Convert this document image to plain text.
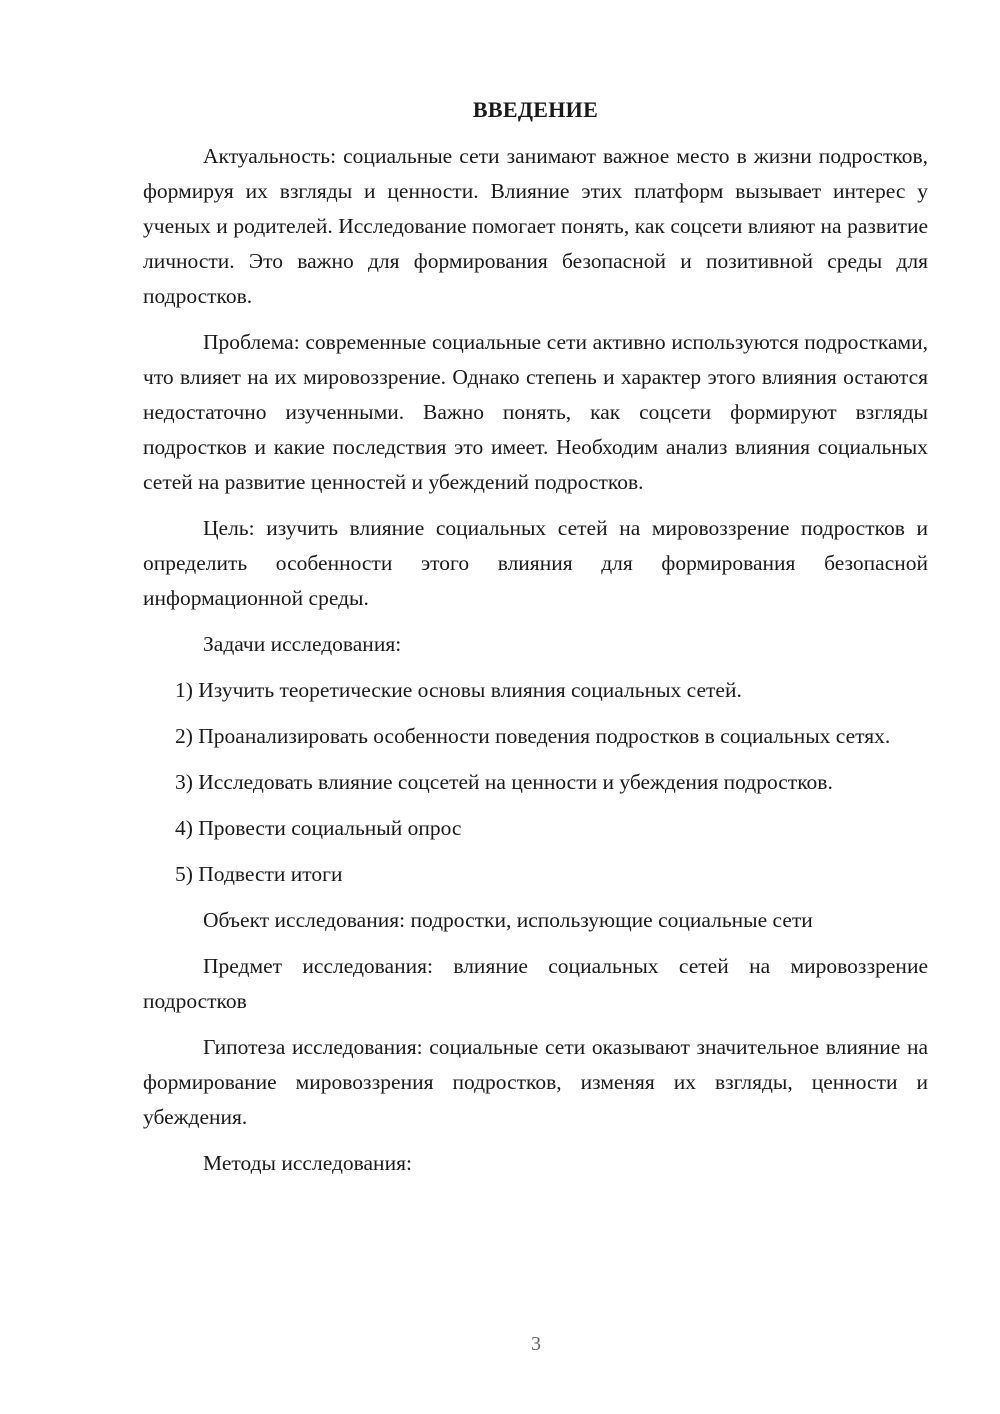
ВВЕДЕНИЕ

Актуальность: социальные сети занимают важное место в жизни подростков, формируя их взгляды и ценности. Влияние этих платформ вызывает интерес у ученых и родителей. Исследование помогает понять, как соцсети влияют на развитие личности. Это важно для формирования безопасной и позитивной среды для подростков.

Проблема: современные социальные сети активно используются подростками, что влияет на их мировоззрение. Однако степень и характер этого влияния остаются недостаточно изученными. Важно понять, как соцсети формируют взгляды подростков и какие последствия это имеет. Необходим анализ влияния социальных сетей на развитие ценностей и убеждений подростков.

Цель: изучить влияние социальных сетей на мировоззрение подростков и определить особенности этого влияния для формирования безопасной информационной среды.

Задачи исследования:

1) Изучить теоретические основы влияния социальных сетей.

2) Проанализировать особенности поведения подростков в социальных сетях.

3) Исследовать влияние соцсетей на ценности и убеждения подростков.

4) Провести социальный опрос

5) Подвести итоги

Объект исследования: подростки, использующие социальные сети

Предмет исследования: влияние социальных сетей на мировоззрение подростков

Гипотеза исследования: социальные сети оказывают значительное влияние на формирование мировоззрения подростков, изменяя их взгляды, ценности и убеждения.

Методы исследования:

3
